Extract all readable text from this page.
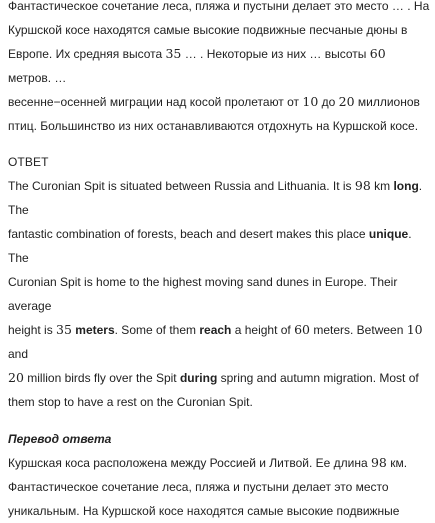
Фантастическое сочетание леса, пляжа и пустыни делает это место … . На
Куршской косе находятся самые высокие подвижные песчаные дюны в
Европе. Их средняя высота 35 … . Некоторые из них … высоты 60 метров. …
весенне−осенней миграции над косой пролетают от 10 до 20 миллионов
птиц. Большинство из них останавливаются отдохнуть на Куршской косе.
ОТВЕТ
The Curonian Spit is situated between Russia and Lithuania. It is 98 km long. The
fantastic combination of forests, beach and desert makes this place unique. The
Curonian Spit is home to the highest moving sand dunes in Europe. Their average
height is 35 meters. Some of them reach a height of 60 meters. Between 10 and
20 million birds fly over the Spit during spring and autumn migration. Most of
them stop to have a rest on the Curonian Spit.
Перевод ответа
Куршская коса расположена между Россией и Литвой. Ее длина 98 км.
Фантастическое сочетание леса, пляжа и пустыни делает это место
уникальным. На Куршской косе находятся самые высокие подвижные
